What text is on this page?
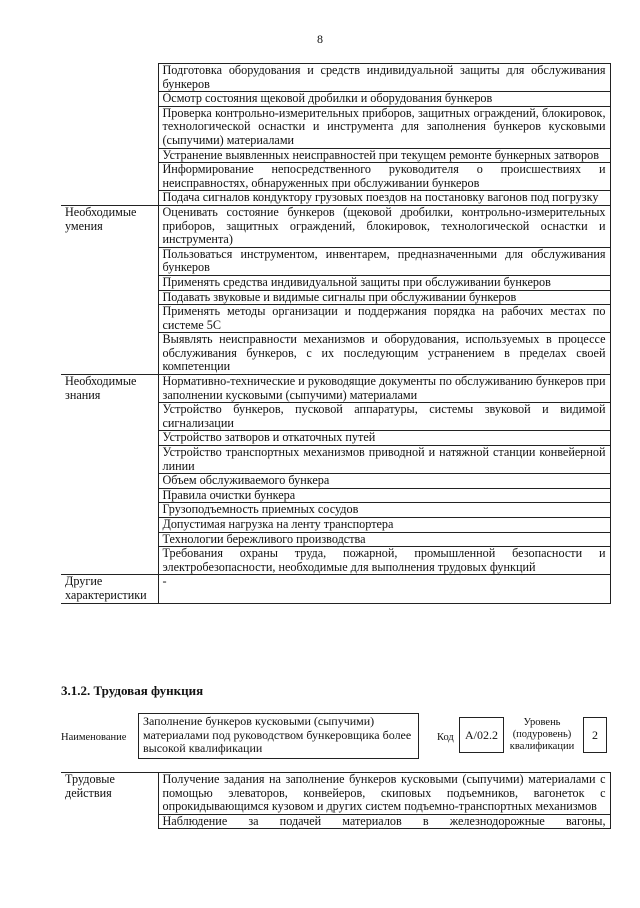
8
	Подготовка оборудования и средств индивидуальной защиты для обслуживания бункеров
	Осмотр состояния щековой дробилки и оборудования бункеров
	Проверка контрольно-измерительных приборов, защитных ограждений, блокировок, технологической оснастки и инструмента для заполнения бункеров кусковыми (сыпучими) материалами
	Устранение выявленных неисправностей при текущем ремонте бункерных затворов
	Информирование непосредственного руководителя о происшествиях и неисправностях, обнаруженных при обслуживании бункеров
	Подача сигналов кондуктору грузовых поездов на постановку вагонов под погрузку
Необходимые умения	Оценивать состояние бункеров (щековой дробилки, контрольно-измерительных приборов, защитных ограждений, блокировок, технологической оснастки и инструмента)
	Пользоваться инструментом, инвентарем, предназначенными для обслуживания бункеров
	Применять средства индивидуальной защиты при обслуживании бункеров
	Подавать звуковые и видимые сигналы при обслуживании бункеров
	Применять методы организации и поддержания порядка на рабочих местах по системе 5С
	Выявлять неисправности механизмов и оборудования, используемых в процессе обслуживания бункеров, с их последующим устранением в пределах своей компетенции
Необходимые знания	Нормативно-технические и руководящие документы по обслуживанию бункеров при заполнении кусковыми (сыпучими) материалами
	Устройство бункеров, пусковой аппаратуры, системы звуковой и видимой сигнализации
	Устройство затворов и откаточных путей
	Устройство транспортных механизмов приводной и натяжной станции конвейерной линии
	Объем обслуживаемого бункера
	Правила очистки бункера
	Грузоподъемность приемных сосудов
	Допустимая нагрузка на ленту транспортера
	Технологии бережливого производства
	Требования охраны труда, пожарной, промышленной безопасности и электробезопасности, необходимые для выполнения трудовых функций
Другие характеристики	-
3.1.2. Трудовая функция
Наименование
Заполнение бункеров кусковыми (сыпучими) материалами под руководством бункеровщика более высокой квалификации
Код А/02.2
Уровень (подуровень) квалификации
2
Трудовые действия	Получение задания на заполнение бункеров кусковыми (сыпучими) материалами с помощью элеваторов, конвейеров, скиповых подъемников, вагонеток с опрокидывающимся кузовом и других систем подъемно-транспортных механизмов
	Наблюдение за подачей материалов в железнодорожные вагоны,
